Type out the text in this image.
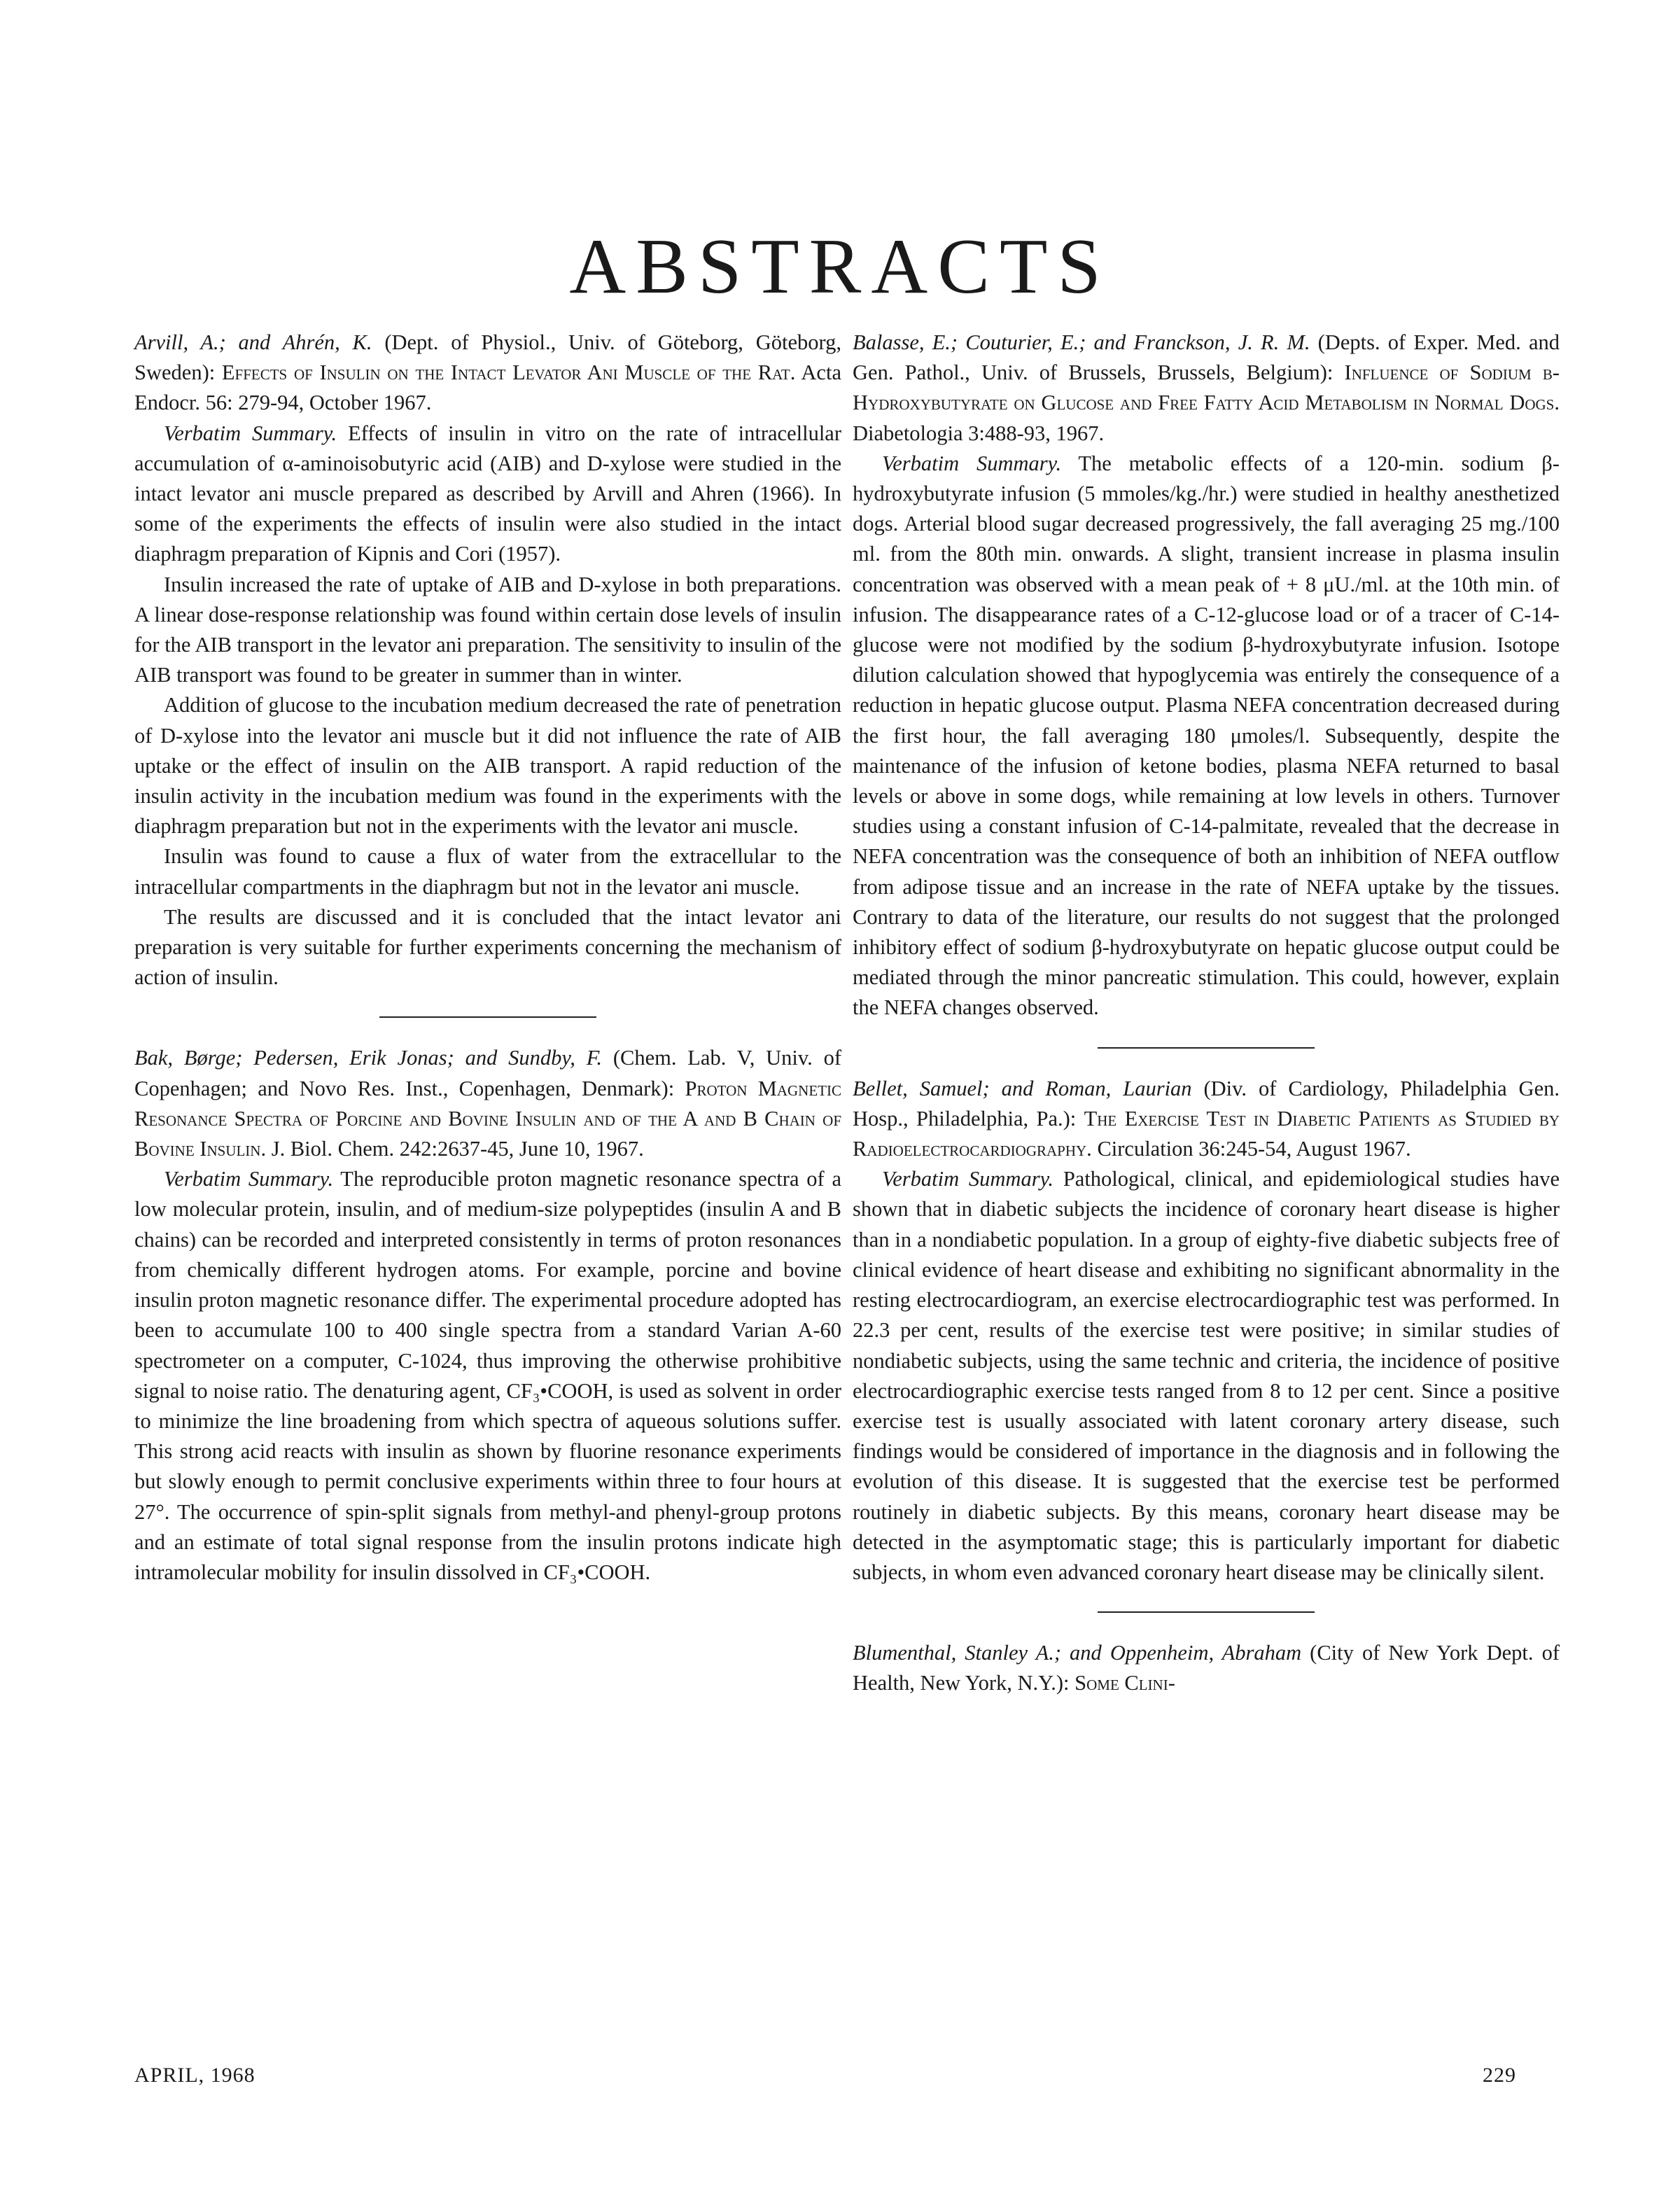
ABSTRACTS
Arvill, A.; and Ahrén, K. (Dept. of Physiol., Univ. of Göteborg, Göteborg, Sweden): Effects of Insulin on the Intact Levator Ani Muscle of the Rat. Acta Endocr. 56: 279-94, October 1967.

Verbatim Summary. Effects of insulin in vitro on the rate of intracellular accumulation of α-aminoisobutyric acid (AIB) and D-xylose were studied in the intact levator ani muscle prepared as described by Arvill and Ahren (1966). In some of the experiments the effects of insulin were also studied in the intact diaphragm preparation of Kipnis and Cori (1957).

Insulin increased the rate of uptake of AIB and D-xylose in both preparations. A linear dose-response relationship was found within certain dose levels of insulin for the AIB transport in the levator ani preparation. The sensitivity to insulin of the AIB transport was found to be greater in summer than in winter.

Addition of glucose to the incubation medium decreased the rate of penetration of D-xylose into the levator ani muscle but it did not influence the rate of AIB uptake or the effect of insulin on the AIB transport. A rapid reduction of the insulin activity in the incubation medium was found in the experiments with the diaphragm preparation but not in the experiments with the levator ani muscle.

Insulin was found to cause a flux of water from the extracellular to the intracellular compartments in the diaphragm but not in the levator ani muscle.

The results are discussed and it is concluded that the intact levator ani preparation is very suitable for further experiments concerning the mechanism of action of insulin.

Bak, Børge; Pedersen, Erik Jonas; and Sundby, F. (Chem. Lab. V, Univ. of Copenhagen; and Novo Res. Inst., Copenhagen, Denmark): Proton Magnetic Resonance Spectra of Porcine and Bovine Insulin and of the A and B Chain of Bovine Insulin. J. Biol. Chem. 242:2637-45, June 10, 1967.

Verbatim Summary. The reproducible proton magnetic resonance spectra of a low molecular protein, insulin, and of medium-size polypeptides (insulin A and B chains) can be recorded and interpreted consistently in terms of proton resonances from chemically different hydrogen atoms. For example, porcine and bovine insulin proton magnetic resonance differ. The experimental procedure adopted has been to accumulate 100 to 400 single spectra from a standard Varian A-60 spectrometer on a computer, C-1024, thus improving the otherwise prohibitive signal to noise ratio. The denaturing agent, CF₃•COOH, is used as solvent in order to minimize the line broadening from which spectra of aqueous solutions suffer. This strong acid reacts with insulin as shown by fluorine resonance experiments but slowly enough to permit conclusive experiments within three to four hours at 27°. The occurrence of spin-split signals from methyl-and phenyl-group protons and an estimate of total signal response from the insulin protons indicate high intramolecular mobility for insulin dissolved in CF₃•COOH.

Balasse, E.; Couturier, E.; and Franckson, J. R. M. (Depts. of Exper. Med. and Gen. Pathol., Univ. of Brussels, Brussels, Belgium): Influence of Sodium β-Hydroxybutyrate on Glucose and Free Fatty Acid Metabolism in Normal Dogs. Diabetologia 3:488-93, 1967.

Verbatim Summary. The metabolic effects of a 120-min. sodium β-hydroxybutyrate infusion (5 mmoles/kg./hr.) were studied in healthy anesthetized dogs. Arterial blood sugar decreased progressively, the fall averaging 25 mg./100 ml. from the 80th min. onwards. A slight, transient increase in plasma insulin concentration was observed with a mean peak of + 8 μU./ml. at the 10th min. of infusion. The disappearance rates of a C-12-glucose load or of a tracer of C-14-glucose were not modified by the sodium β-hydroxybutyrate infusion. Isotope dilution calculation showed that hypoglycemia was entirely the consequence of a reduction in hepatic glucose output. Plasma NEFA concentration decreased during the first hour, the fall averaging 180 μmoles/l. Subsequently, despite the maintenance of the infusion of ketone bodies, plasma NEFA returned to basal levels or above in some dogs, while remaining at low levels in others. Turnover studies using a constant infusion of C-14-palmitate, revealed that the decrease in NEFA concentration was the consequence of both an inhibition of NEFA outflow from adipose tissue and an increase in the rate of NEFA uptake by the tissues. Contrary to data of the literature, our results do not suggest that the prolonged inhibitory effect of sodium β-hydroxybutyrate on hepatic glucose output could be mediated through the minor pancreatic stimulation. This could, however, explain the NEFA changes observed.

Bellet, Samuel; and Roman, Laurian (Div. of Cardiology, Philadelphia Gen. Hosp., Philadelphia, Pa.): The Exercise Test in Diabetic Patients as Studied by Radioelectrocardiography. Circulation 36:245-54, August 1967.

Verbatim Summary. Pathological, clinical, and epidemiological studies have shown that in diabetic subjects the incidence of coronary heart disease is higher than in a nondiabetic population. In a group of eighty-five diabetic subjects free of clinical evidence of heart disease and exhibiting no significant abnormality in the resting electrocardiogram, an exercise electrocardiographic test was performed. In 22.3 per cent, results of the exercise test were positive; in similar studies of nondiabetic subjects, using the same technic and criteria, the incidence of positive electrocardiographic exercise tests ranged from 8 to 12 per cent. Since a positive exercise test is usually associated with latent coronary artery disease, such findings would be considered of importance in the diagnosis and in following the evolution of this disease. It is suggested that the exercise test be performed routinely in diabetic subjects. By this means, coronary heart disease may be detected in the asymptomatic stage; this is particularly important for diabetic subjects, in whom even advanced coronary heart disease may be clinically silent.

Blumenthal, Stanley A.; and Oppenheim, Abraham (City of New York Dept. of Health, New York, N.Y.): Some Clini-
APRIL, 1968	229
